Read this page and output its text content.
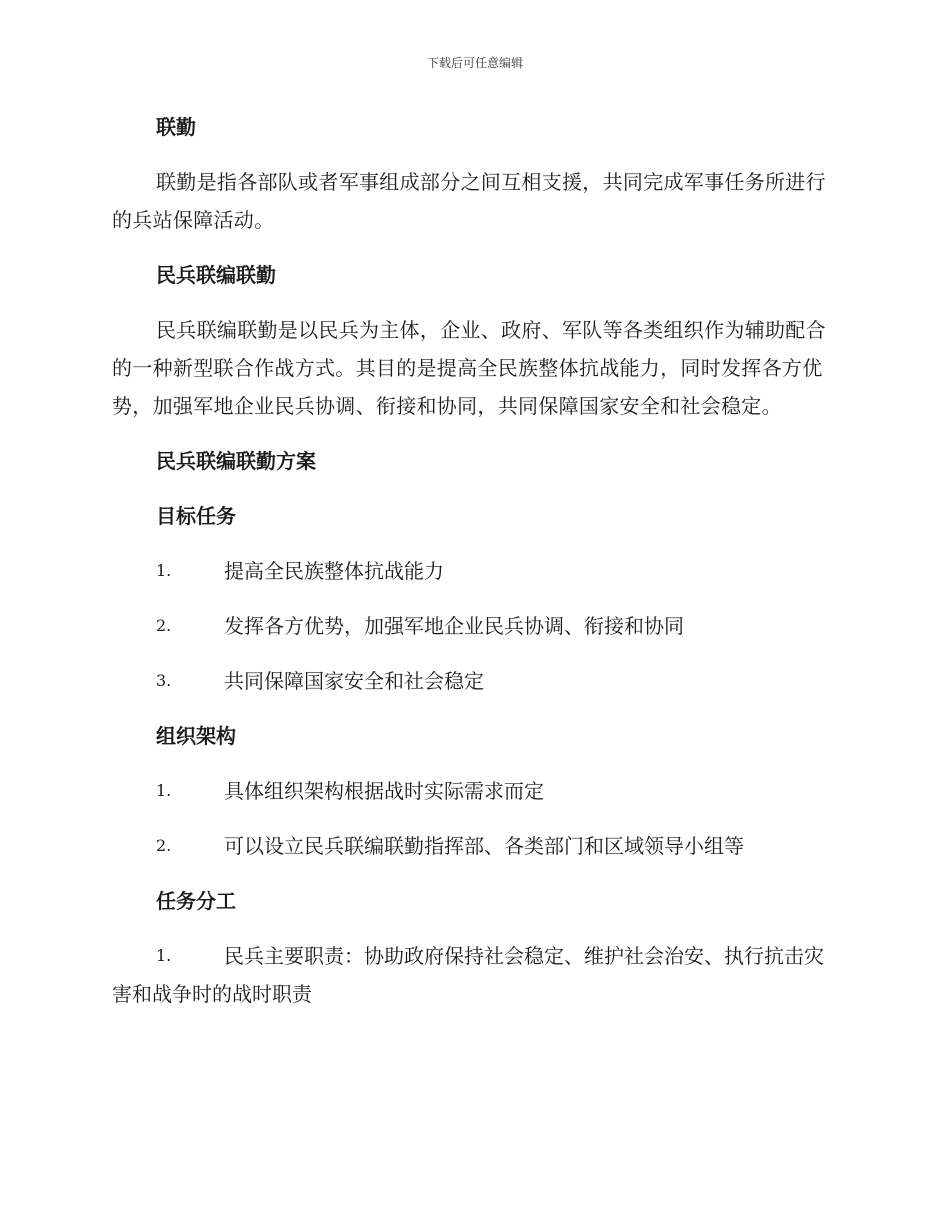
下载后可任意编辑
联勤
联勤是指各部队或者军事组成部分之间互相支援，共同完成军事任务所进行的兵站保障活动。
民兵联编联勤
民兵联编联勤是以民兵为主体，企业、政府、军队等各类组织作为辅助配合的一种新型联合作战方式。其目的是提高全民族整体抗战能力，同时发挥各方优势，加强军地企业民兵协调、衔接和协同，共同保障国家安全和社会稳定。
民兵联编联勤方案
目标任务
1.	提高全民族整体抗战能力
2.	发挥各方优势，加强军地企业民兵协调、衔接和协同
3.	共同保障国家安全和社会稳定
组织架构
1.	具体组织架构根据战时实际需求而定
2.	可以设立民兵联编联勤指挥部、各类部门和区域领导小组等
任务分工
1.	民兵主要职责：协助政府保持社会稳定、维护社会治安、执行抗击灾害和战争时的战时职责
